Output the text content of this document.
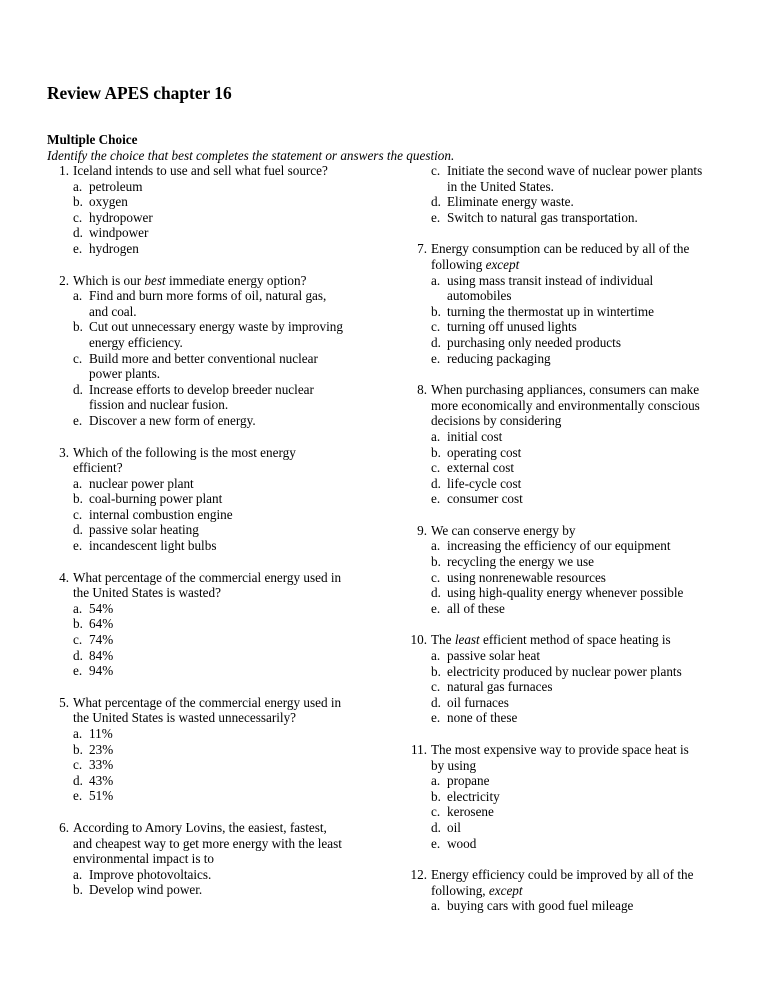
Review APES chapter 16
Multiple Choice
Identify the choice that best completes the statement or answers the question.
1. Iceland intends to use and sell what fuel source?
a. petroleum
b. oxygen
c. hydropower
d. windpower
e. hydrogen
2. Which is our best immediate energy option?
a. Find and burn more forms of oil, natural gas, and coal.
b. Cut out unnecessary energy waste by improving energy efficiency.
c. Build more and better conventional nuclear power plants.
d. Increase efforts to develop breeder nuclear fission and nuclear fusion.
e. Discover a new form of energy.
3. Which of the following is the most energy efficient?
a. nuclear power plant
b. coal-burning power plant
c. internal combustion engine
d. passive solar heating
e. incandescent light bulbs
4. What percentage of the commercial energy used in the United States is wasted?
a. 54%
b. 64%
c. 74%
d. 84%
e. 94%
5. What percentage of the commercial energy used in the United States is wasted unnecessarily?
a. 11%
b. 23%
c. 33%
d. 43%
e. 51%
6. According to Amory Lovins, the easiest, fastest, and cheapest way to get more energy with the least environmental impact is to
a. Improve photovoltaics.
b. Develop wind power.
c. Initiate the second wave of nuclear power plants in the United States.
d. Eliminate energy waste.
e. Switch to natural gas transportation.
7. Energy consumption can be reduced by all of the following except
a. using mass transit instead of individual automobiles
b. turning the thermostat up in wintertime
c. turning off unused lights
d. purchasing only needed products
e. reducing packaging
8. When purchasing appliances, consumers can make more economically and environmentally conscious decisions by considering
a. initial cost
b. operating cost
c. external cost
d. life-cycle cost
e. consumer cost
9. We can conserve energy by
a. increasing the efficiency of our equipment
b. recycling the energy we use
c. using nonrenewable resources
d. using high-quality energy whenever possible
e. all of these
10. The least efficient method of space heating is
a. passive solar heat
b. electricity produced by nuclear power plants
c. natural gas furnaces
d. oil furnaces
e. none of these
11. The most expensive way to provide space heat is by using
a. propane
b. electricity
c. kerosene
d. oil
e. wood
12. Energy efficiency could be improved by all of the following, except
a. buying cars with good fuel mileage
